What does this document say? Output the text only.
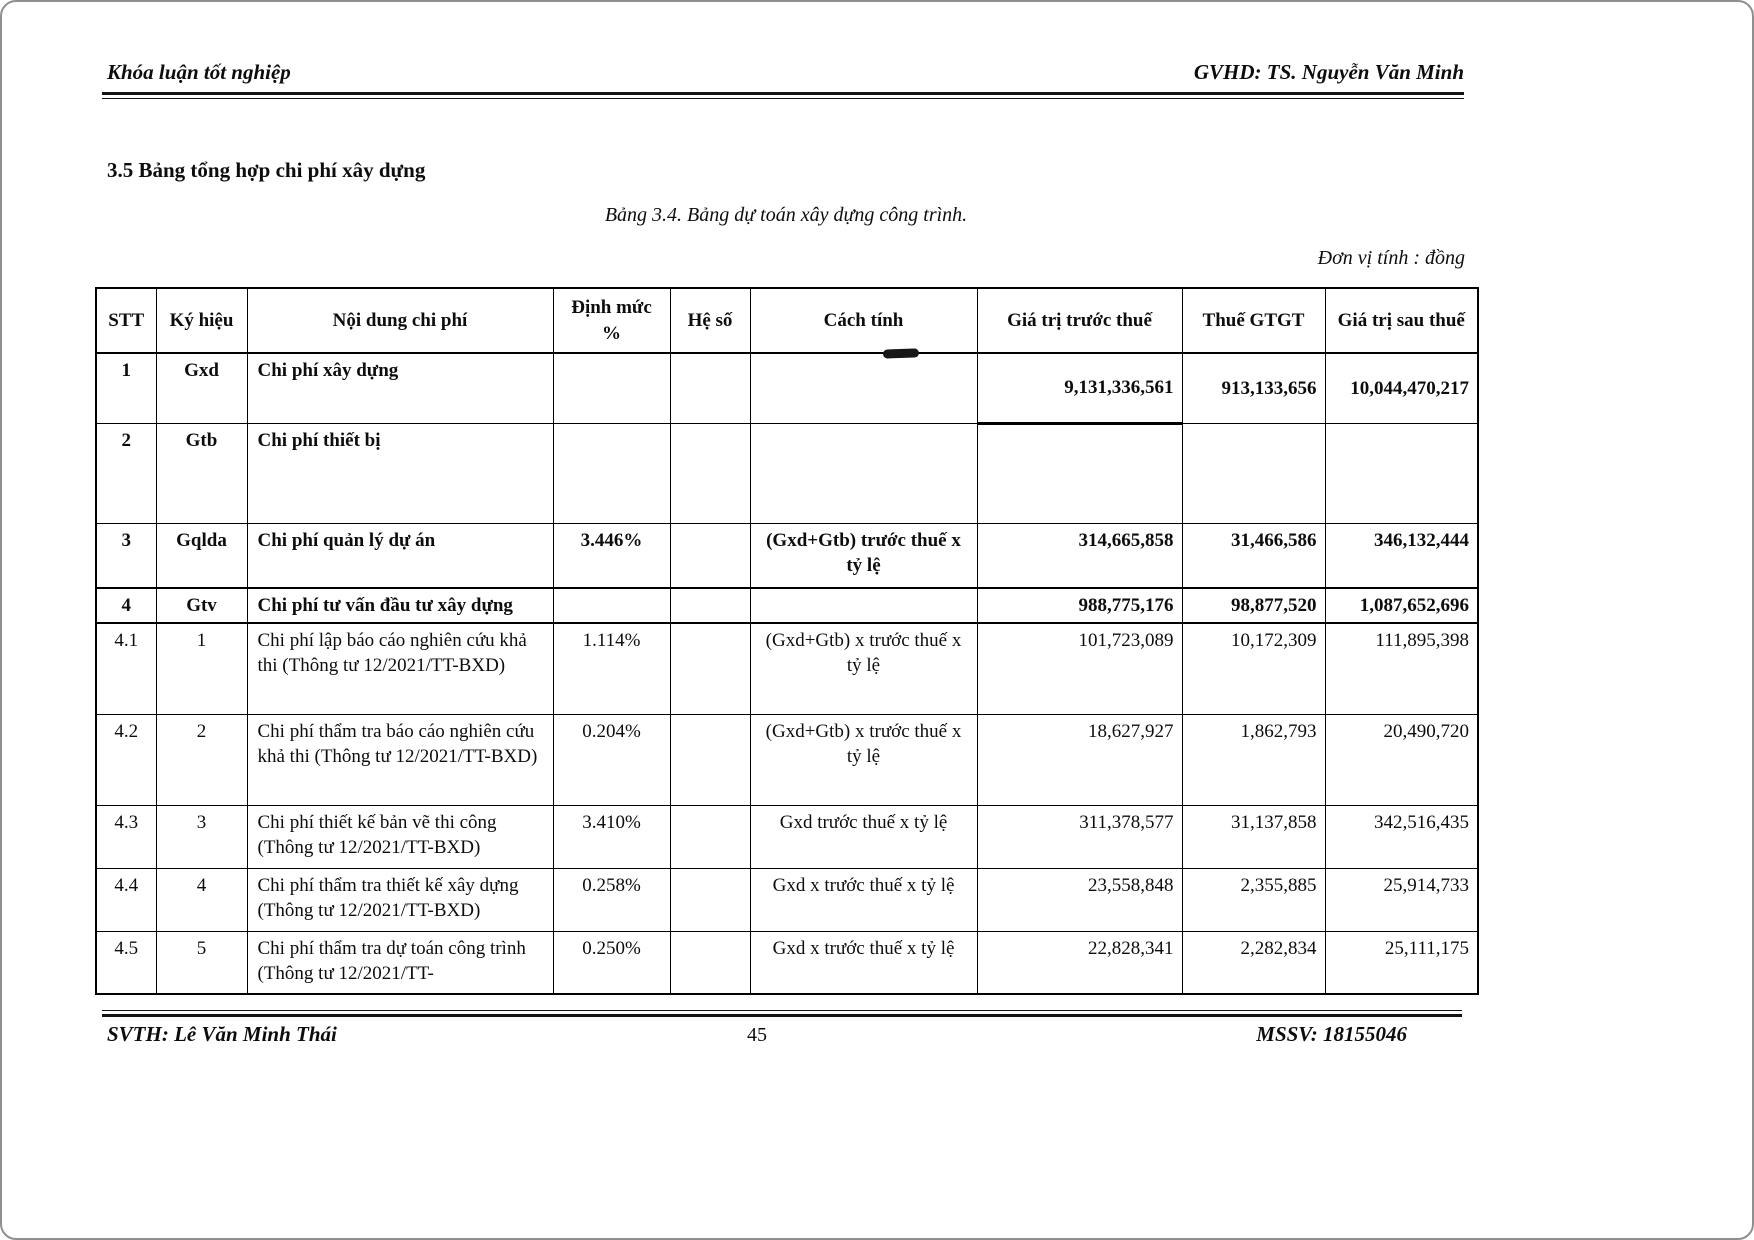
Khóa luận tốt nghiệp	GVHD: TS. Nguyễn Văn Minh
3.5 Bảng tổng hợp chi phí xây dựng
Bảng 3.4. Bảng dự toán xây dựng công trình.
Đơn vị tính : đồng
STT	Ký hiệu	Nội dung chi phí	Định mức %	Hệ số	Cách tính	Giá trị trước thuế	Thuế GTGT	Giá trị sau thuế
1	Gxd	Chi phí xây dựng				9,131,336,561	913,133,656	10,044,470,217
2	Gtb	Chi phí thiết bị						
3	Gqlda	Chi phí quản lý dự án	3.446%		(Gxd+Gtb) trước thuế x tỷ lệ	314,665,858	31,466,586	346,132,444
4	Gtv	Chi phí tư vấn đầu tư xây dựng				988,775,176	98,877,520	1,087,652,696
4.1	1	Chi phí lập báo cáo nghiên cứu khả thi (Thông tư 12/2021/TT-BXD)	1.114%		(Gxd+Gtb) x trước thuế x tỷ lệ	101,723,089	10,172,309	111,895,398
4.2	2	Chi phí thẩm tra báo cáo nghiên cứu khả thi (Thông tư 12/2021/TT-BXD)	0.204%		(Gxd+Gtb) x trước thuế x tỷ lệ	18,627,927	1,862,793	20,490,720
4.3	3	Chi phí thiết kế bản vẽ thi công (Thông tư 12/2021/TT-BXD)	3.410%		Gxd trước thuế x tỷ lệ	311,378,577	31,137,858	342,516,435
4.4	4	Chi phí thẩm tra thiết kế xây dựng (Thông tư 12/2021/TT-BXD)	0.258%		Gxd x trước thuế x tỷ lệ	23,558,848	2,355,885	25,914,733
4.5	5	Chi phí thẩm tra dự toán công trình (Thông tư 12/2021/TT-	0.250%		Gxd x trước thuế x tỷ lệ	22,828,341	2,282,834	25,111,175
SVTH: Lê Văn Minh Thái	45	MSSV: 18155046
